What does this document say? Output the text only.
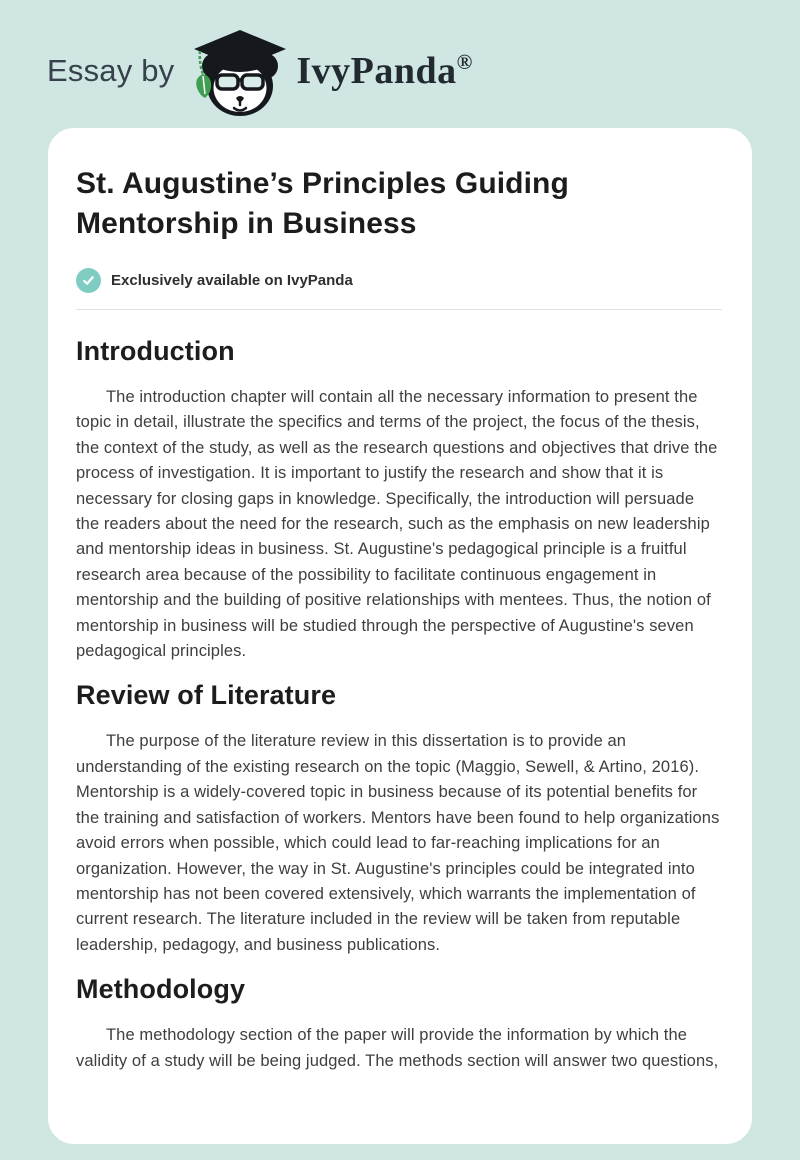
Essay by	IvyPanda®
St. Augustine’s Principles Guiding Mentorship in Business
Exclusively available on IvyPanda
Introduction

The introduction chapter will contain all the necessary information to present the topic in detail, illustrate the specifics and terms of the project, the focus of the thesis, the context of the study, as well as the research questions and objectives that drive the process of investigation. It is important to justify the research and show that it is necessary for closing gaps in knowledge. Specifically, the introduction will persuade the readers about the need for the research, such as the emphasis on new leadership and mentorship ideas in business. St. Augustine's pedagogical principle is a fruitful research area because of the possibility to facilitate continuous engagement in mentorship and the building of positive relationships with mentees. Thus, the notion of mentorship in business will be studied through the perspective of Augustine's seven pedagogical principles.

Review of Literature

The purpose of the literature review in this dissertation is to provide an understanding of the existing research on the topic (Maggio, Sewell, & Artino, 2016). Mentorship is a widely-covered topic in business because of its potential benefits for the training and satisfaction of workers. Mentors have been found to help organizations avoid errors when possible, which could lead to far-reaching implications for an organization. However, the way in St. Augustine's principles could be integrated into mentorship has not been covered extensively, which warrants the implementation of current research. The literature included in the review will be taken from reputable leadership, pedagogy, and business publications.

Methodology

The methodology section of the paper will provide the information by which the validity of a study will be being judged. The methods section will answer two questions,
